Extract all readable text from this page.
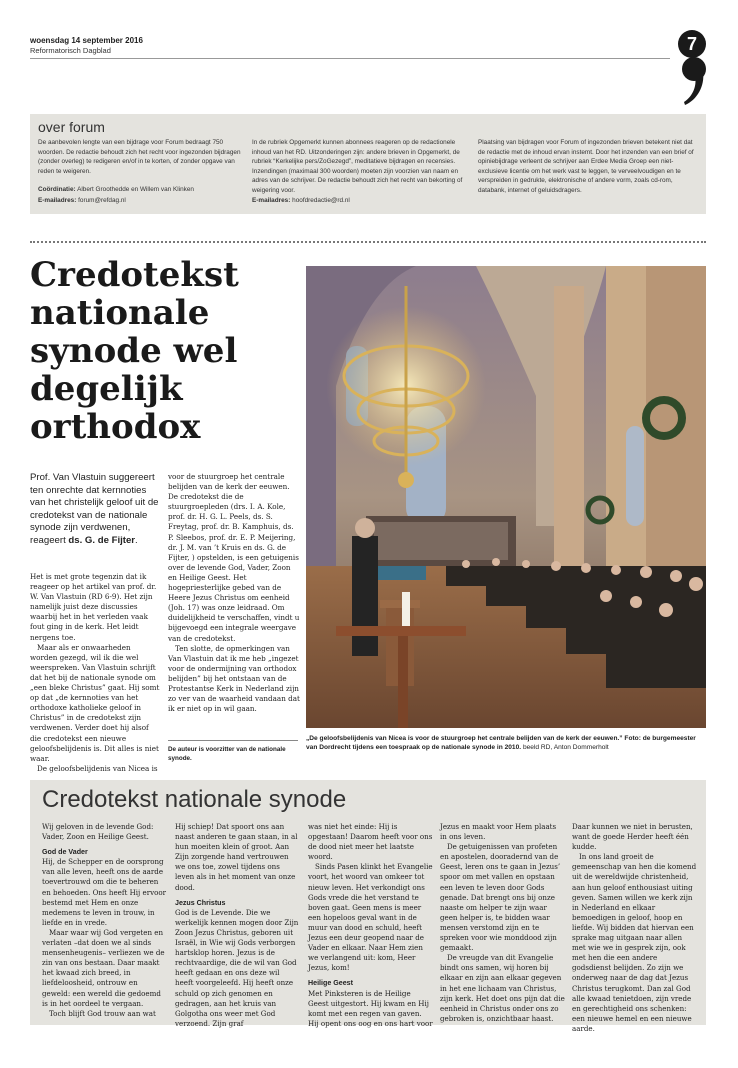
woensdag 14 september 2016
Reformatorisch Dagblad	7
over forum
De aanbevolen lengte van een bijdrage voor Forum bedraagt 750 woorden. De redactie behoudt zich het recht voor ingezonden bijdragen (zonder overleg) te redigeren en/of in te korten, of zonder opgave van reden te weigeren.
Coördinatie: Albert Groothedde en Willem van Klinken
E-mailadres: forum@refdag.nl
In de rubriek Opgemerkt kunnen abonnees reageren op de redactionele inhoud van het RD. Uitzonderingen zijn: andere brieven in Opgemerkt, de rubriek “Kerkelijke pers/ZoGezegd”, meditatieve bijdragen en recensies. Inzendingen (maximaal 300 woorden) moeten zijn voorzien van naam en adres van de schrijver. De redactie behoudt zich het recht van bekorting of weigering voor.
E-mailadres: hoofdredactie@rd.nl
Plaatsing van bijdragen voor Forum of ingezonden brieven betekent niet dat de redactie met de inhoud ervan instemt. Door het inzenden van een brief of opiniebijdrage verleent de schrijver aan Erdee Media Groep een niet-exclusieve licentie om het werk vast te leggen, te verveelvoudigen en te verspreiden in gedrukte, elektronische of andere vorm, zoals cd-rom, databank, internet of geluidsdragers.
Credotekst nationale synode wel degelijk orthodox
Prof. Van Vlastuin suggereert ten onrechte dat kernnoties van het christelijk geloof uit de credotekst van de nationale synode zijn verdwenen, reageert ds. G. de Fijter.

Het is met grote tegenzin dat ik reageer op het artikel van prof. dr. W. Van Vlastuin (RD 6-9). Het zijn namelijk juist deze discussies waarbij het in het verleden vaak fout ging in de kerk. Het leidt nergens toe.

Maar als er onwaarheden worden gezegd, wil ik die wel weerspreken. Van Vlastuin schrijft dat het bij de nationale synode om „een bleke Christus” gaat. Hij somt op dat „de kernnoties van het orthodoxe katholieke geloof in Christus” in de credotekst zijn verdwenen. Verder doet hij alsof die credotekst een nieuwe geloofsbelijdenis is. Dit alles is niet waar.

De geloofsbelijdenis van Nicea is

voor de stuurgroep het centrale belijden van de kerk der eeuwen. De credotekst die de stuurgroepleden (drs. I. A. Kole, prof. dr. H. G. L. Peels, ds. S. Freytag, prof. dr. B. Kamphuis, ds. P. Sleebos, prof. dr. E. P. Meijering, dr. J. M. van ’t Kruis en ds. G. de Fijter, ) opstelden, is een getuigenis over de levende God, Vader, Zoon en Heilige Geest. Het hogepriesterlijke gebed van de Heere Jezus Christus om eenheid (Joh. 17) was onze leidraad. Om duidelijkheid te verschaffen, vindt u bijgevoegd een integrale weergave van de credotekst.

Ten slotte, de opmerkingen van Van Vlastuin dat ik me heb „ingezet voor de ondermijning van orthodox belijden” bij het ontstaan van de Protestantse Kerk in Nederland zijn zo ver van de waarheid vandaan dat ik er niet op in wil gaan.

De auteur is voorzitter van de nationale synode.
„De geloofsbelijdenis van Nicea is voor de stuurgroep het centrale belijden van de kerk der eeuwen.” Foto: de burgemeester van Dordrecht tijdens een toespraak op de nationale synode in 2010. beeld RD, Anton Dommerholt
Credotekst nationale synode

Wij geloven in de levende God: Vader, Zoon en Heilige Geest.

God de Vader

Hij, de Schepper en de oorsprong van alle leven, heeft ons de aarde toevertrouwd om die te beheren en behoeden. Ons heeft Hij ervoor bestemd met Hem en onze medemens te leven in trouw, in liefde en in vrede.

Maar waar wij God vergeten en verlaten –dat doen we al sinds mensenheugenis– verliezen we de zin van ons bestaan. Daar maakt het kwaad zich breed, in liefdeloosheid, ontrouw en geweld: een wereld die gedoemd is in het oordeel te vergaan.

Toch blijft God trouw aan wat

Hij schiep! Dat spoort ons aan naast anderen te gaan staan, in al hun moeiten klein of groot. Aan Zijn zorgende hand vertrouwen we ons toe, zowel tijdens ons leven als in het moment van onze dood.

Jezus Christus

God is de Levende. Die we werkelijk kennen mogen door Zijn Zoon Jezus Christus, geboren uit Israël, in Wie wij Gods verborgen hartsklop horen. Jezus is de rechtvaardige, die de wil van God heeft gedaan en ons deze wil heeft voorgeleefd. Hij heeft onze schuld op zich genomen en gedragen, aan het kruis van Golgotha ons weer met God verzoend. Zijn graf

was niet het einde: Hij is opgestaan! Daarom heeft voor ons de dood niet meer het laatste woord.

Sinds Pasen klinkt het Evangelie voort, het woord van omkeer tot nieuw leven. Het verkondigt ons Gods vrede die het verstand te boven gaat. Geen mens is meer een hopeloos geval want in de muur van dood en schuld, heeft Jezus een deur geopend naar de Vader en elkaar. Naar Hem zien we verlangend uit: kom, Heer Jezus, kom!

Heilige Geest

Met Pinksteren is de Heilige Geest uitgestort. Hij kwam en Hij komt met een regen van gaven. Hij opent ons oog en ons hart voor

Jezus en maakt voor Hem plaats in ons leven.

De getuigenissen van profeten en apostelen, dooradernd van de Geest, leren ons te gaan in Jezus’ spoor om met vallen en opstaan een leven te leven door Gods genade. Dat brengt ons bij onze naaste om helper te zijn waar geen helper is, te bidden waar mensen verstomd zijn en te spreken voor wie monddood zijn gemaakt.

De vreugde van dit Evangelie bindt ons samen, wij horen bij elkaar en zijn aan elkaar gegeven in het ene lichaam van Christus, zijn kerk. Het doet ons pijn dat die eenheid in Christus onder ons zo gebroken is, onzichtbaar haast.

Daar kunnen we niet in berusten, want de goede Herder heeft één kudde.

In ons land groeit de gemeenschap van hen die komend uit de wereldwijde christenheid, aan hun geloof enthousiast uiting geven. Samen willen we kerk zijn in Nederland en elkaar bemoedigen in geloof, hoop en liefde. Wij bidden dat hiervan een sprake mag uitgaan naar allen met wie we in gesprek zijn, ook met hen die een andere godsdienst belijden. Zo zijn we onderweg naar de dag dat Jezus Christus terugkomt. Dan zal God alle kwaad tenietdoen, zijn vrede en gerechtigheid ons schenken: een nieuwe hemel en een nieuwe aarde.
